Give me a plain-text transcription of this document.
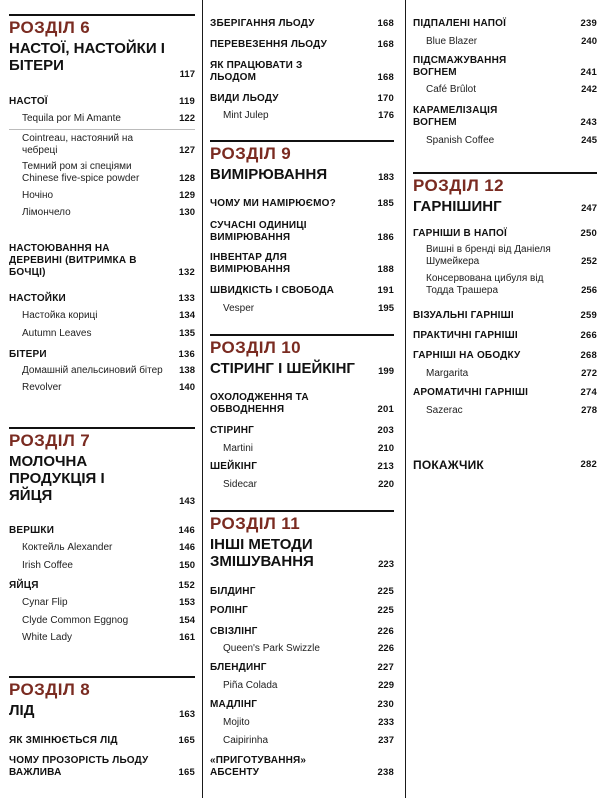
РОЗДІЛ 6
НАСТОЇ, НАСТОЙКИ І БІТЕРИ
117
НАСТОЇ	119
Tequila por Mi Amante	122
Cointreau, настояний на чебреці	127
Темний ром зі спеціями Chinese five-spice powder	128
Ночіно	129
Лімончело	130
НАСТОЮВАННЯ НА ДЕРЕВИНІ (ВИТРИМКА В БОЧЦІ)	132
НАСТОЙКИ	133
Настойка кориці	134
Autumn Leaves	135
БІТЕРИ	136
Домашній апельсиновий бітер 138
Revolver	140
РОЗДІЛ 7
МОЛОЧНА ПРОДУКЦІЯ І ЯЙЦЯ	143
ВЕРШКИ	146
Коктейль Alexander	146
Irish Coffee	150
ЯЙЦЯ	152
Cynar Flip	153
Clyde Common Eggnog	154
White Lady	161
РОЗДІЛ 8
ЛІД	163
ЯК ЗМІНЮЄТЬСЯ ЛІД	165
ЧОМУ ПРОЗОРІСТЬ ЛЬОДУ ВАЖЛИВА	165
ЗБЕРІГАННЯ ЛЬОДУ	168
ПЕРЕВЕЗЕННЯ ЛЬОДУ	168
ЯК ПРАЦЮВАТИ З ЛЬОДОМ	168
ВИДИ ЛЬОДУ	170
Mint Julep	176
РОЗДІЛ 9
ВИМІРЮВАННЯ	183
ЧОМУ МИ НАМІРЮЄМО?	185
СУЧАСНІ ОДИНИЦІ ВИМІРЮВАННЯ	186
ІНВЕНТАР ДЛЯ ВИМІРЮВАННЯ	188
ШВИДКІСТЬ І СВОБОДА	191
Vesper	195
РОЗДІЛ 10
СТІРИНГ І ШЕЙКІНГ	199
ОХОЛОДЖЕННЯ ТА ОБВОДНЕННЯ	201
СТІРИНГ	203
Martini	210
ШЕЙКІНГ	213
Sidecar	220
РОЗДІЛ 11
ІНШІ МЕТОДИ ЗМІШУВАННЯ	223
БІЛДИНГ	225
РОЛІНГ	225
СВІЗЛІНГ	226
Queen's Park Swizzle	226
БЛЕНДИНГ	227
Piña Colada	229
МАДЛІНГ	230
Mojito	233
Caipirinha	237
«ПРИГОТУВАННЯ» АБСЕНТУ	238
ПІДПАЛЕНІ НАПОЇ	239
Blue Blazer	240
ПІДСМАЖУВАННЯ ВОГНЕМ	241
Café Brûlot	242
КАРАМЕЛІЗАЦІЯ ВОГНЕМ	243
Spanish Coffee	245
РОЗДІЛ 12
ГАРНІШИНГ	247
ГАРНІШИ В НАПОЇ	250
Вишні в бренді від Даніеля Шумейкера	252
Консервована цибуля від Тодда Трашера	256
ВІЗУАЛЬНІ ГАРНІШІ	259
ПРАКТИЧНІ ГАРНІШІ	266
ГАРНІШІ НА ОБОДКУ	268
Margarita	272
АРОМАТИЧНІ ГАРНІШІ	274
Sazerac	278
ПОКАЖЧИК	282
